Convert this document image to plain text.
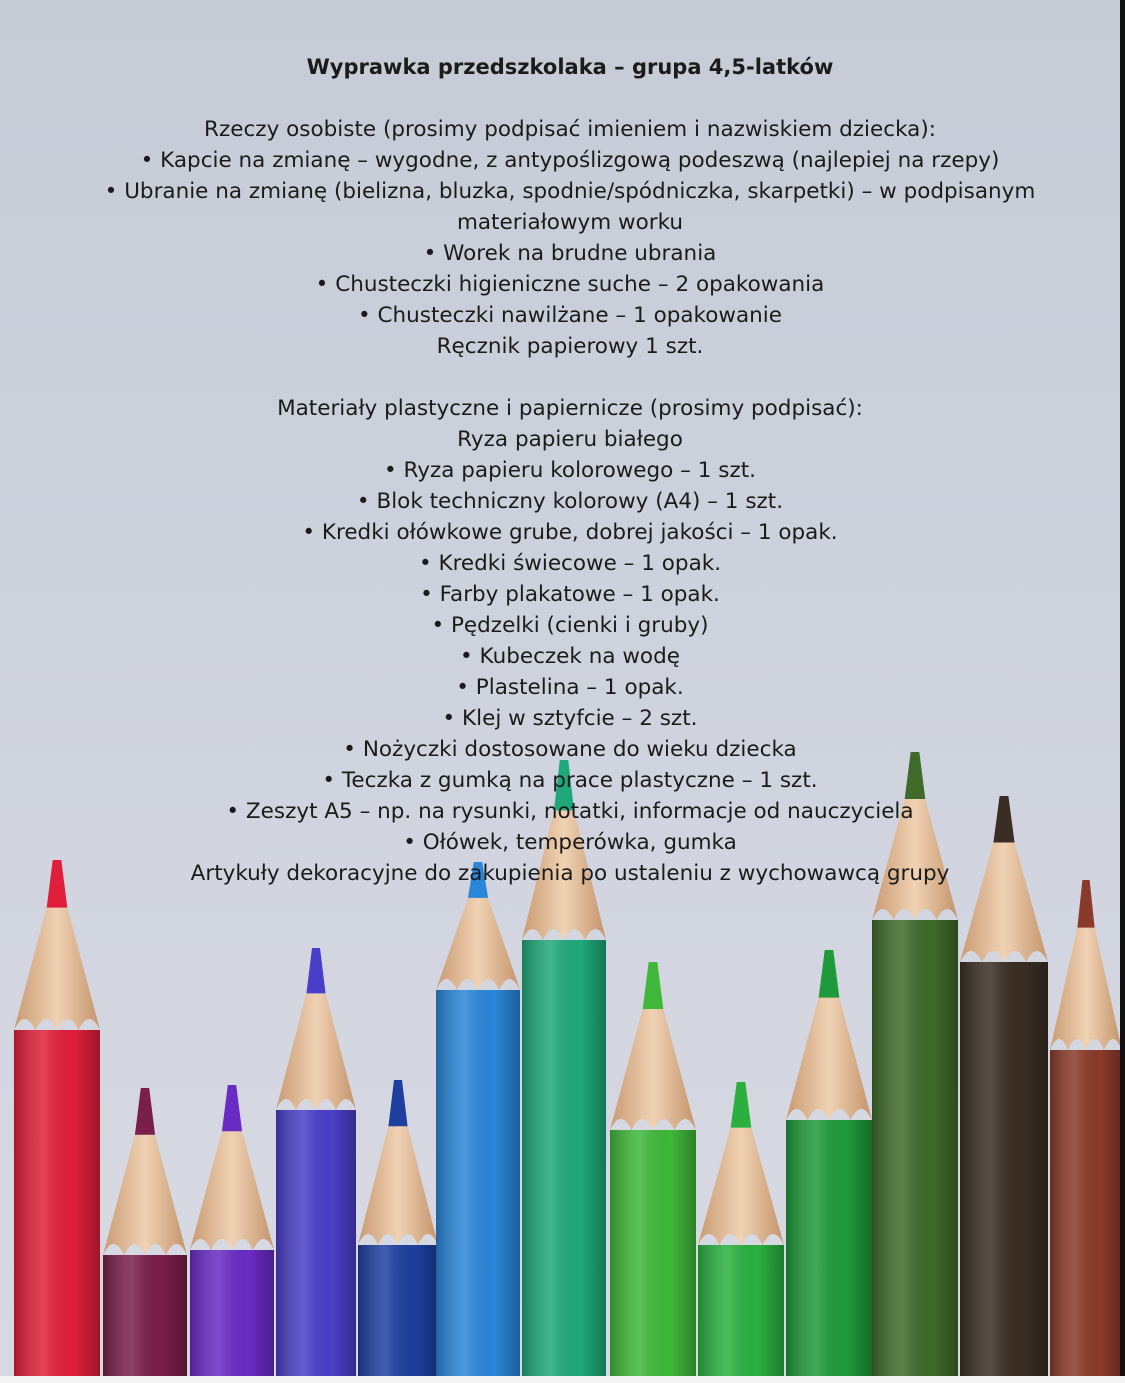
Wyprawka przedszkolaka – grupa 4,5-latków
Rzeczy osobiste (prosimy podpisać imieniem i nazwiskiem dziecka):
• Kapcie na zmianę – wygodne, z antypoślizgową podeszwą (najlepiej na rzepy)
• Ubranie na zmianę (bielizna, bluzka, spodnie/spódniczka, skarpetki) – w podpisanym materiałowym worku
• Worek na brudne ubrania
• Chusteczki higieniczne suche – 2 opakowania
• Chusteczki nawilżane – 1 opakowanie
Ręcznik papierowy 1 szt.
Materiały plastyczne i papiernicze (prosimy podpisać):
Ryza papieru białego
• Ryza papieru kolorowego – 1 szt.
• Blok techniczny kolorowy (A4) – 1 szt.
• Kredki ołówkowe grube, dobrej jakości – 1 opak.
• Kredki świecowe – 1 opak.
• Farby plakatowe – 1 opak.
• Pędzelki (cienki i gruby)
• Kubeczek na wodę
• Plastelina – 1 opak.
• Klej w sztyfcie – 2 szt.
• Nożyczki dostosowane do wieku dziecka
• Teczka z gumką na prace plastyczne – 1 szt.
• Zeszyt A5 – np. na rysunki, notatki, informacje od nauczyciela
• Ołówek, temperówka, gumka
Artykuły dekoracyjne do zakupienia po ustaleniu z wychowawcą grupy
